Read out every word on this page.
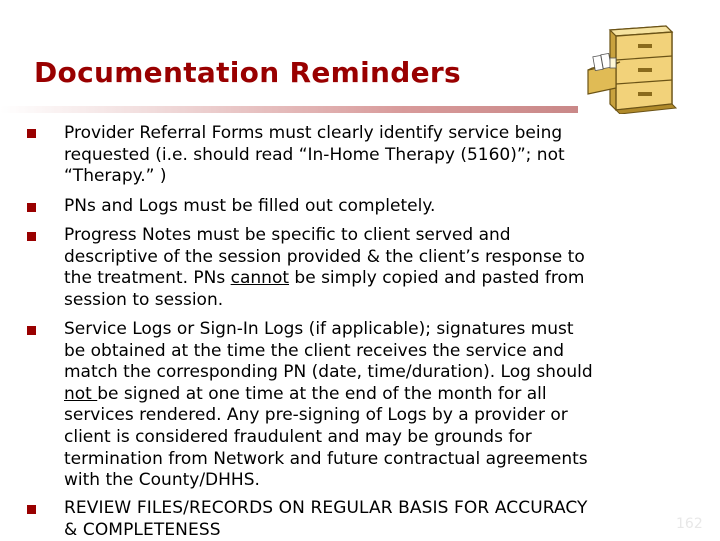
Documentation Reminders
Provider Referral Forms must clearly identify service being
requested (i.e. should read “In-Home Therapy (5160)”; not
“Therapy.” )
PNs and Logs must be filled out completely.
Progress Notes must be specific to client served and
descriptive of the session provided & the client’s response to
the treatment. PNs cannot be simply copied and pasted from
session to session.
Service Logs or Sign-In Logs (if applicable); signatures must
be obtained at the time the client receives the service and
match the corresponding PN (date, time/duration). Log should
not be signed at one time at the end of the month for all
services rendered. Any pre-signing of Logs by a provider or
client is considered fraudulent and may be grounds for
termination from Network and future contractual agreements
with the County/DHHS.
REVIEW FILES/RECORDS ON REGULAR BASIS FOR ACCURACY
& COMPLETENESS	162
